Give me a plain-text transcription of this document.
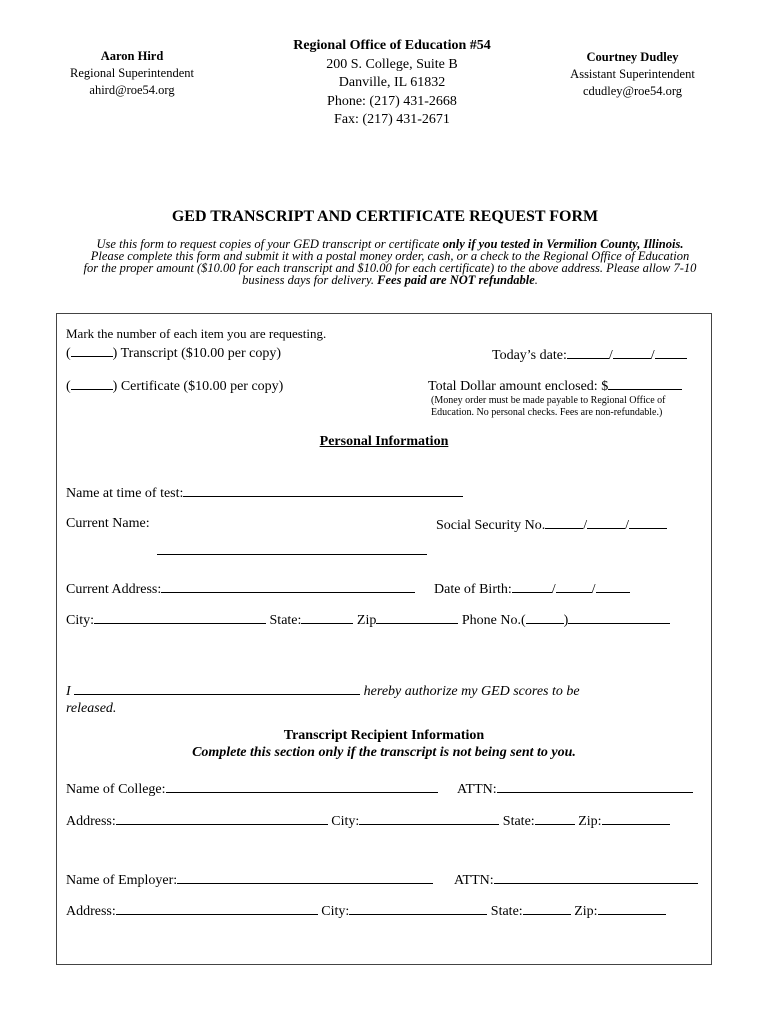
Aaron Hird
Regional Superintendent
ahird@roe54.org
Regional Office of Education #54
200 S. College, Suite B
Danville, IL 61832
Phone: (217) 431-2668
Fax: (217) 431-2671
Courtney Dudley
Assistant Superintendent
cdudley@roe54.org
GED TRANSCRIPT AND CERTIFICATE REQUEST FORM
Use this form to request copies of your GED transcript or certificate only if you tested in Vermilion County, Illinois. Please complete this form and submit it with a postal money order, cash, or a check to the Regional Office of Education for the proper amount ($10.00 for each transcript and $10.00 for each certificate) to the above address. Please allow 7-10 business days for delivery. Fees paid are NOT refundable.
Mark the number of each item you are requesting.
(	) Transcript ($10.00 per copy)	Today’s date:	/	/
(	) Certificate ($10.00 per copy)	Total Dollar amount enclosed: $
(Money order must be made payable to Regional Office of Education. No personal checks. Fees are non-refundable.)
Personal Information
Name at time of test:
Current Name:	Social Security No.	/	/
Current Address:	Date of Birth:	/	/
City:	State:	Zip	Phone No.(	)
I	hereby authorize my GED scores to be
released.
Transcript Recipient Information
Complete this section only if the transcript is not being sent to you.
Name of College:	ATTN:
Address:	City:	State:	Zip:
Name of Employer:	ATTN:
Address:	City:	State:	Zip:
